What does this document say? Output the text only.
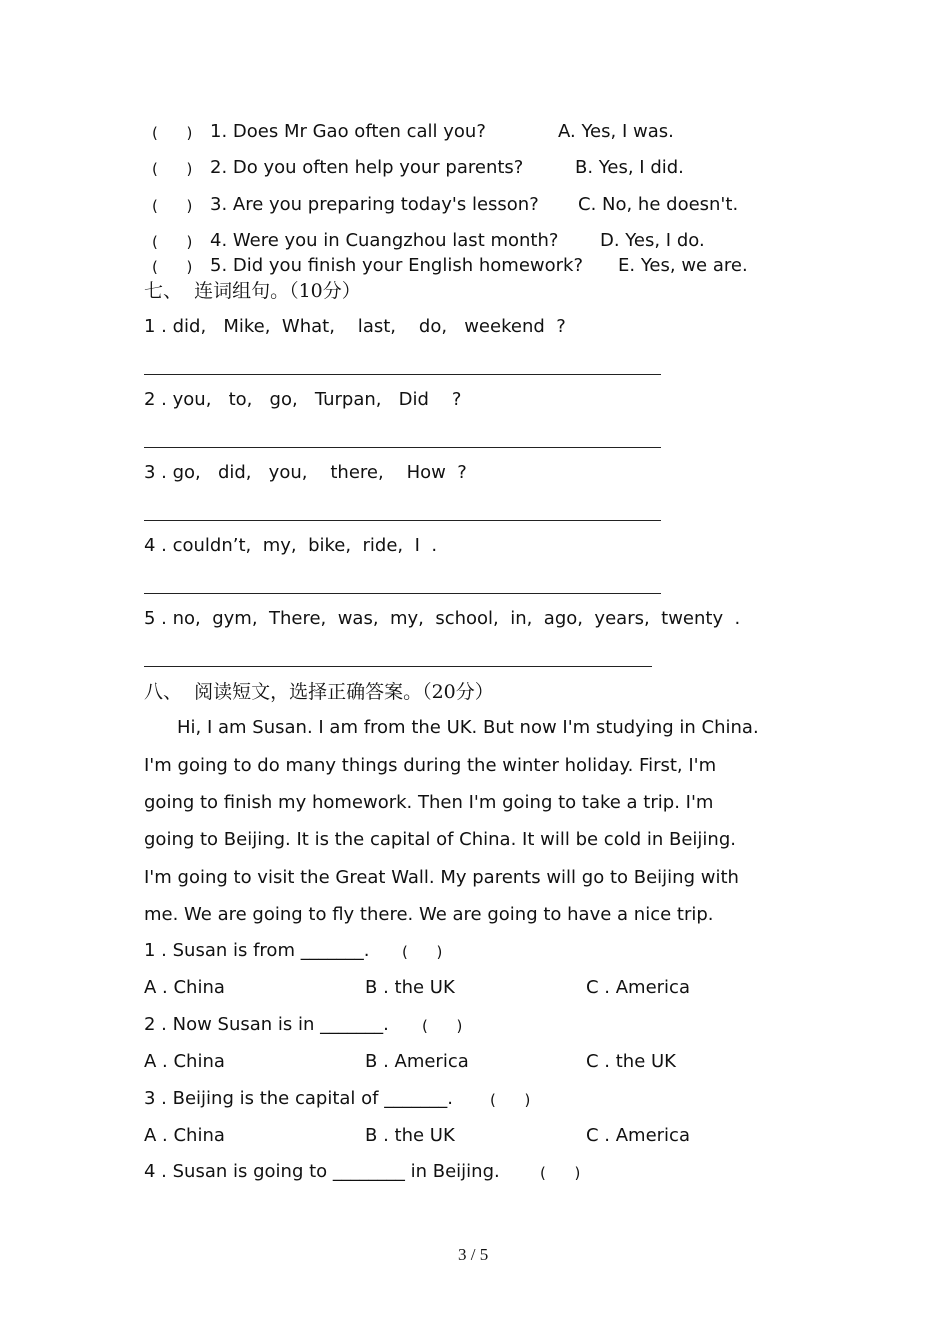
(      ) 1. Does Mr Gao often call you?	A. Yes, I was.
(      ) 2. Do you often help your parents?	B. Yes, I did.
(      ) 3. Are you preparing today's lesson? C. No, he doesn't.
(      ) 4. Were you in Cuangzhou last month? D. Yes, I do.
(      ) 5. Did you finish your English homework? E. Yes, we are.
七、  连词组句。（10分）
1 . did,   Mike,  What,    last,    do,   weekend  ?
2 . you,   to,   go,   Turpan,   Did    ?
3 . go,   did,   you,    there,    How  ?
4 . couldn’t,  my,  bike,  ride,  I  .
5 . no,  gym,  There,  was,  my,  school,  in,  ago,  years,  twenty  .
八、  阅读短文，选择正确答案。（20分）
Hi, I am Susan. I am from the UK. But now I'm studying in China.
I'm going to do many things during the winter holiday. First, I'm
going to finish my homework. Then I'm going to take a trip. I'm
going to Beijing. It is the capital of China. It will be cold in Beijing.
I'm going to visit the Great Wall. My parents will go to Beijing with
me. We are going to fly there. We are going to have a nice trip.
1 . Susan is from _______. (      )
A . China	B . the UK	C . America
2 . Now Susan is in _______. (      )
A . China	B . America	C . the UK
3 . Beijing is the capital of _______. (      )
A . China	B . the UK	C . America
4 . Susan is going to ________ in Beijing.	(      )
3 / 5
